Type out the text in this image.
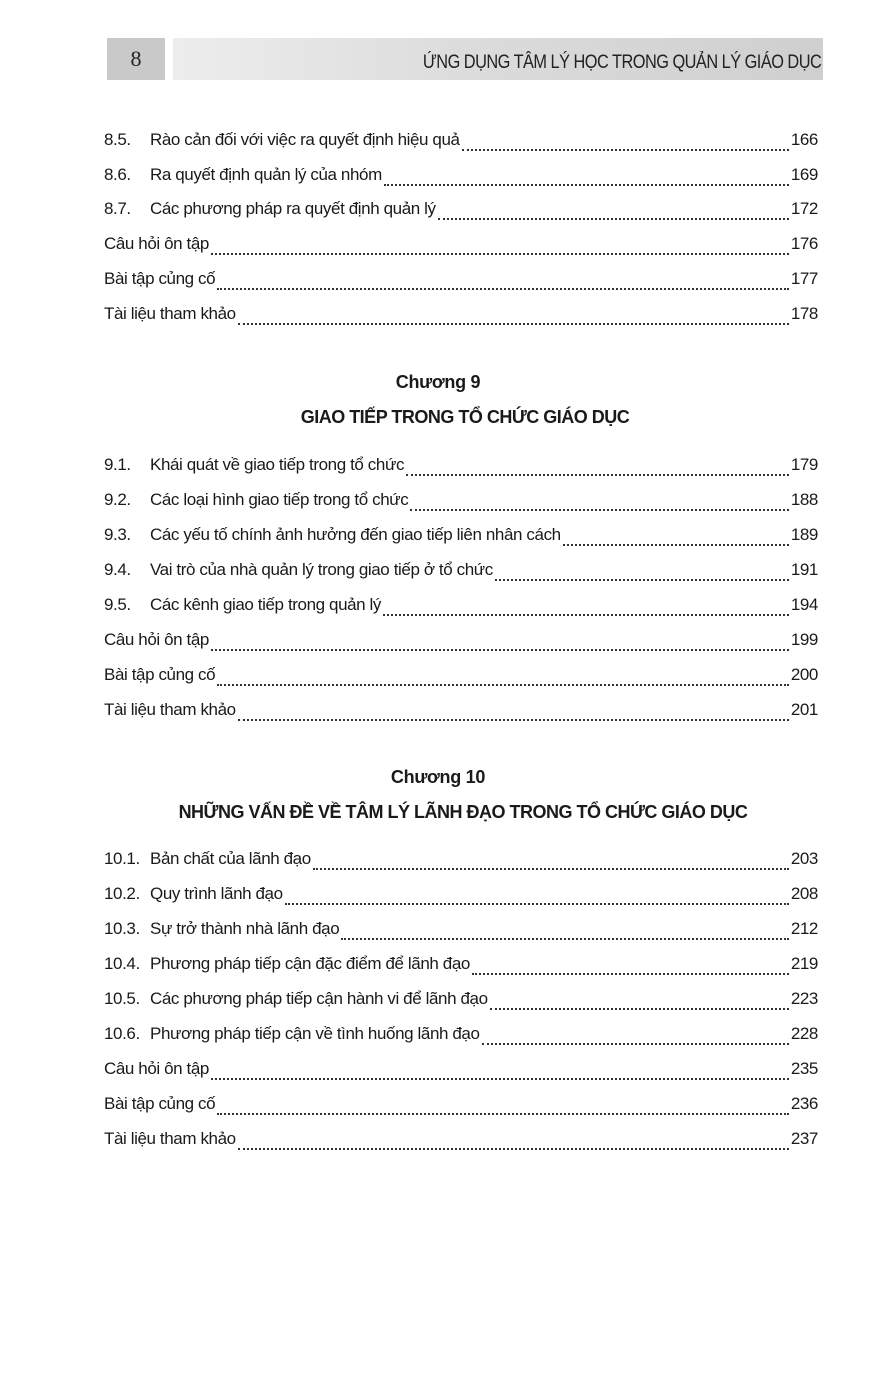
8	ỨNG DỤNG TÂM LÝ HỌC TRONG QUẢN LÝ GIÁO DỤC
8.5.	Rào cản đối với việc ra quyết định hiệu quả	166
8.6.	Ra quyết định quản lý của nhóm	169
8.7.	Các phương pháp ra quyết định quản lý	172
Câu hỏi ôn tập	176
Bài tập củng cố	177
Tài liệu tham khảo	178
Chương 9
GIAO TIẾP TRONG TỔ CHỨC GIÁO DỤC
9.1.	Khái quát về giao tiếp trong tổ chức	179
9.2.	Các loại hình giao tiếp trong tổ chức	188
9.3.	Các yếu tố chính ảnh hưởng đến giao tiếp liên nhân cách	189
9.4.	Vai trò của nhà quản lý trong giao tiếp ở tổ chức	191
9.5.	Các kênh giao tiếp trong quản lý	194
Câu hỏi ôn tập	199
Bài tập củng cố	200
Tài liệu tham khảo	201
Chương 10
NHỮNG VẤN ĐỀ VỀ TÂM LÝ LÃNH ĐẠO TRONG TỔ CHỨC GIÁO DỤC
10.1. Bản chất của lãnh đạo	203
10.2. Quy trình lãnh đạo	208
10.3. Sự trở thành nhà lãnh đạo	212
10.4. Phương pháp tiếp cận đặc điểm để lãnh đạo	219
10.5. Các phương pháp tiếp cận hành vi để lãnh đạo	223
10.6. Phương pháp tiếp cận về tình huống lãnh đạo	228
Câu hỏi ôn tập	235
Bài tập củng cố	236
Tài liệu tham khảo	237
